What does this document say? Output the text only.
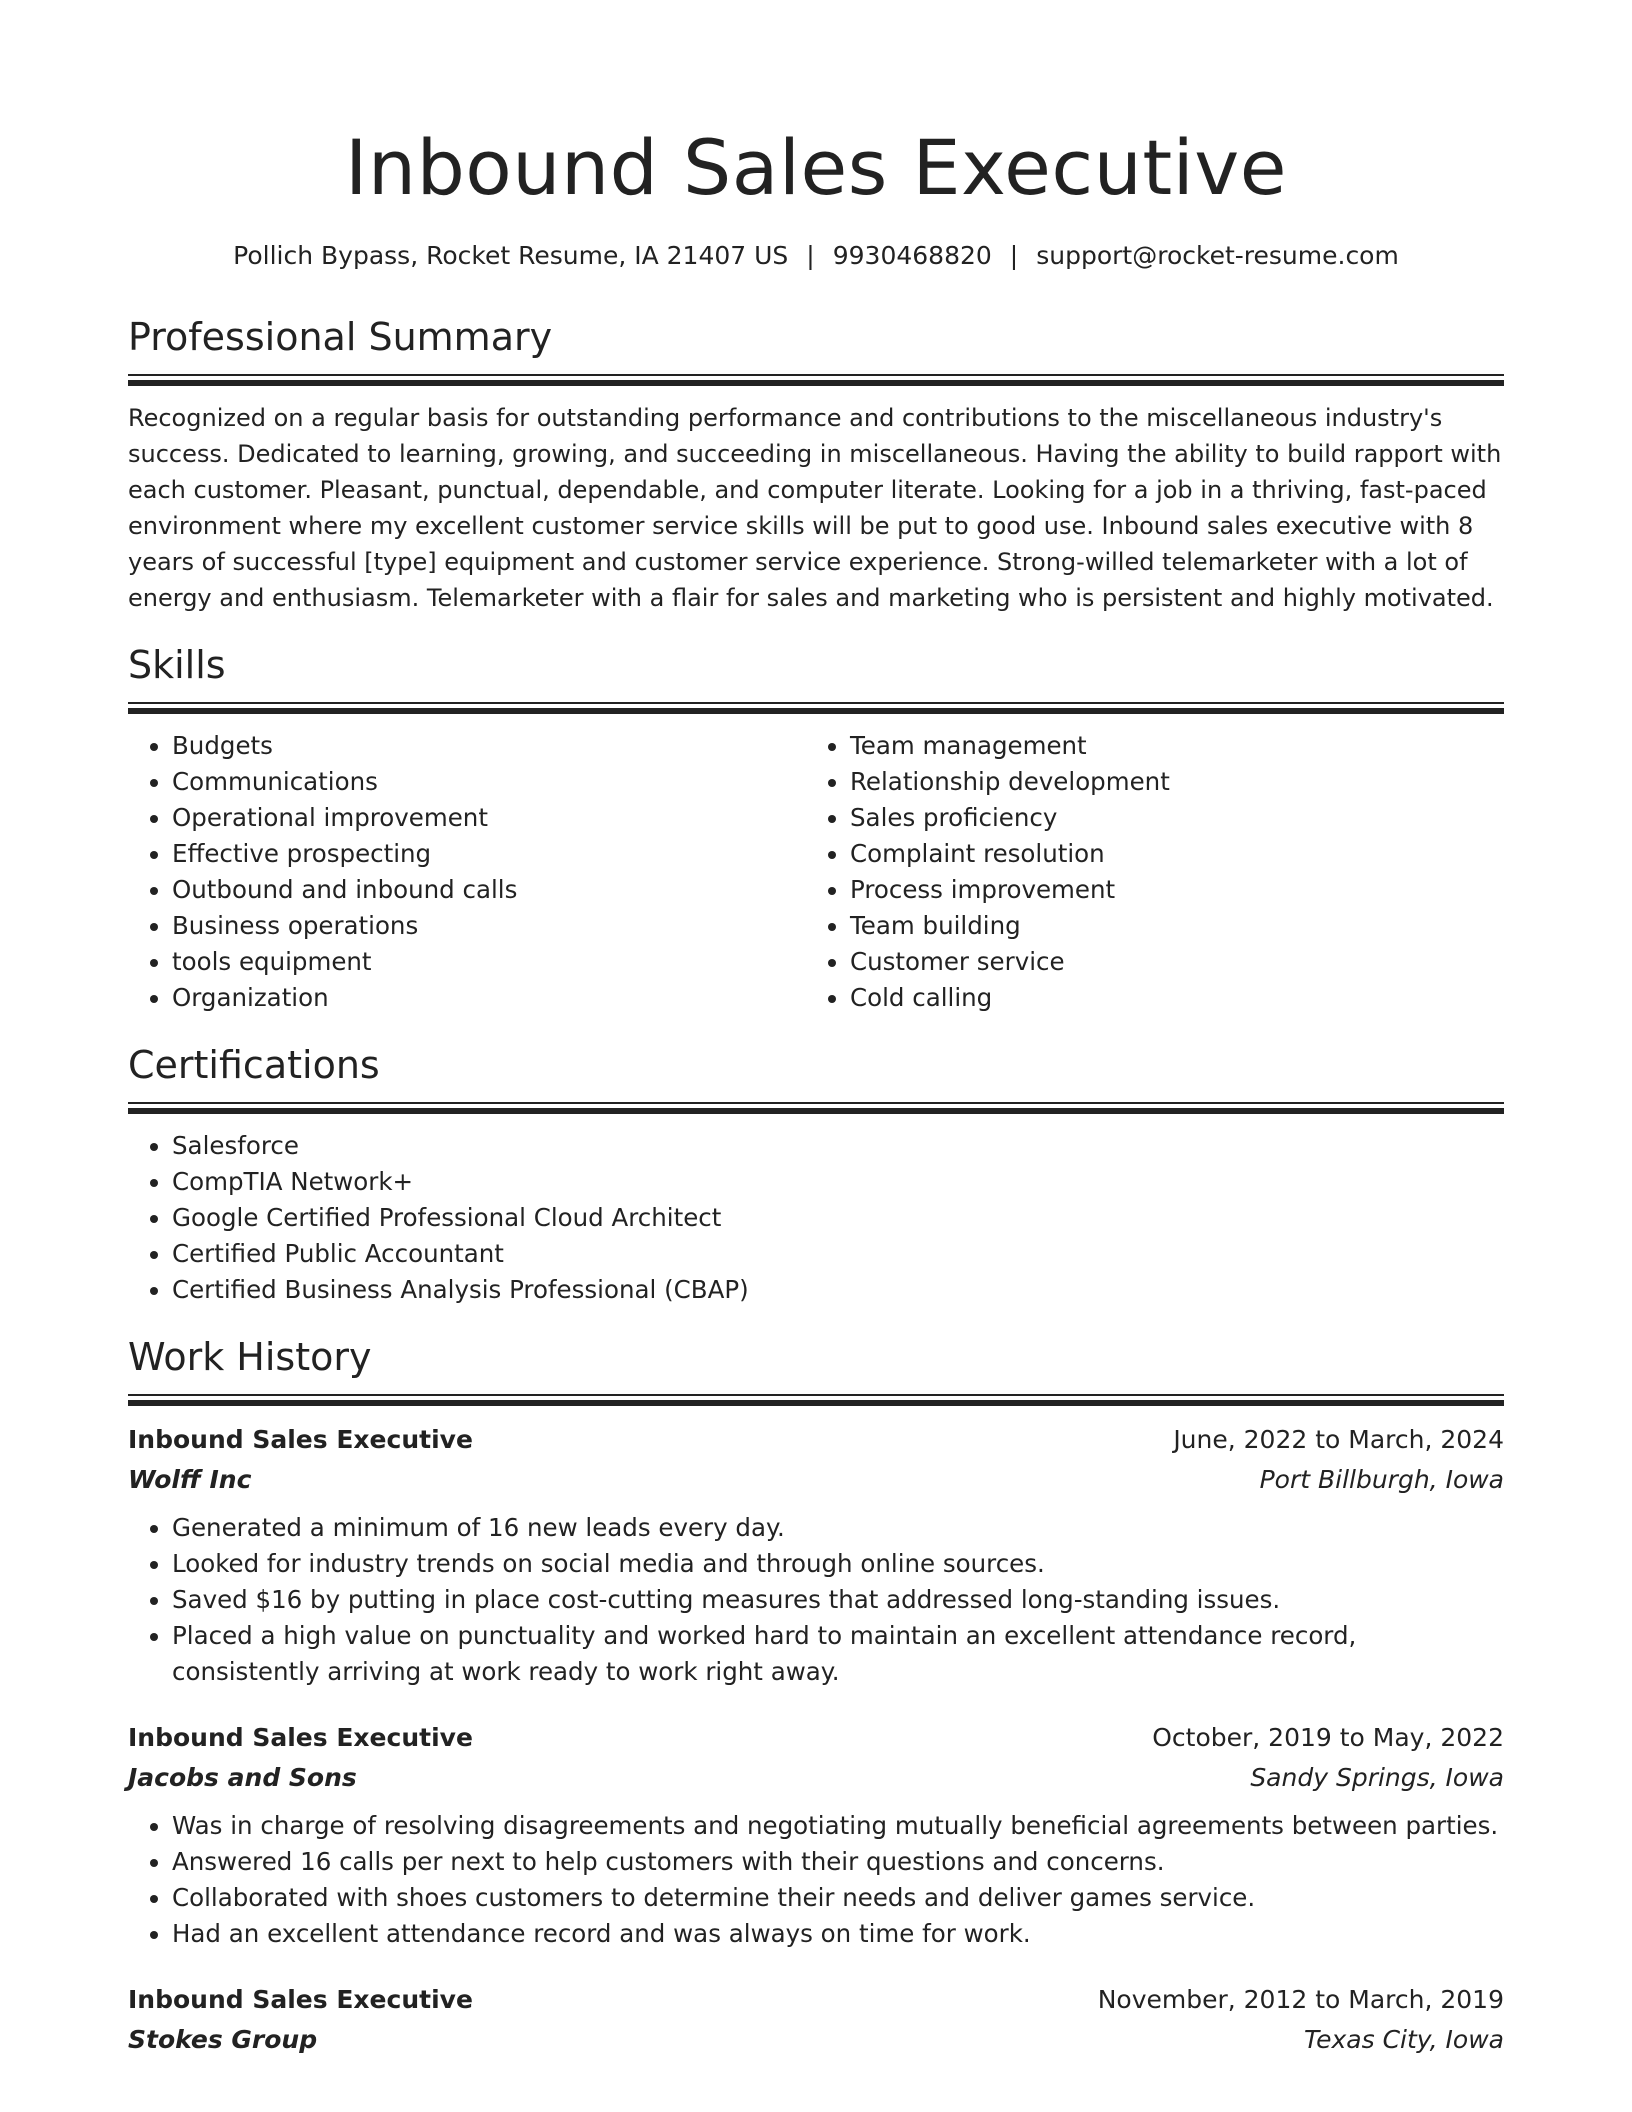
Inbound Sales Executive
Pollich Bypass, Rocket Resume, IA 21407 US | 9930468820 | support@rocket-resume.com
Professional Summary

Recognized on a regular basis for outstanding performance and contributions to the miscellaneous industry's success. Dedicated to learning, growing, and succeeding in miscellaneous. Having the ability to build rapport with each customer. Pleasant, punctual, dependable, and computer literate. Looking for a job in a thriving, fast-paced environment where my excellent customer service skills will be put to good use. Inbound sales executive with 8 years of successful [type] equipment and customer service experience. Strong-willed telemarketer with a lot of energy and enthusiasm. Telemarketer with a flair for sales and marketing who is persistent and highly motivated.

Skills
• Budgets
• Communications
• Operational improvement
• Effective prospecting
• Outbound and inbound calls
• Business operations
• tools equipment
• Organization
• Team management
• Relationship development
• Sales proficiency
• Complaint resolution
• Process improvement
• Team building
• Customer service
• Cold calling
Certifications
• Salesforce
• CompTIA Network+
• Google Certified Professional Cloud Architect
• Certified Public Accountant
• Certified Business Analysis Professional (CBAP)
Work History
Inbound Sales Executive	June, 2022 to March, 2024
Wolff Inc	Port Billburgh, Iowa
• Generated a minimum of 16 new leads every day.
• Looked for industry trends on social media and through online sources.
• Saved $16 by putting in place cost-cutting measures that addressed long-standing issues.
• Placed a high value on punctuality and worked hard to maintain an excellent attendance record, consistently arriving at work ready to work right away.
Inbound Sales Executive	October, 2019 to May, 2022
Jacobs and Sons	Sandy Springs, Iowa
• Was in charge of resolving disagreements and negotiating mutually beneficial agreements between parties.
• Answered 16 calls per next to help customers with their questions and concerns.
• Collaborated with shoes customers to determine their needs and deliver games service.
• Had an excellent attendance record and was always on time for work.
Inbound Sales Executive	November, 2012 to March, 2019
Stokes Group	Texas City, Iowa
